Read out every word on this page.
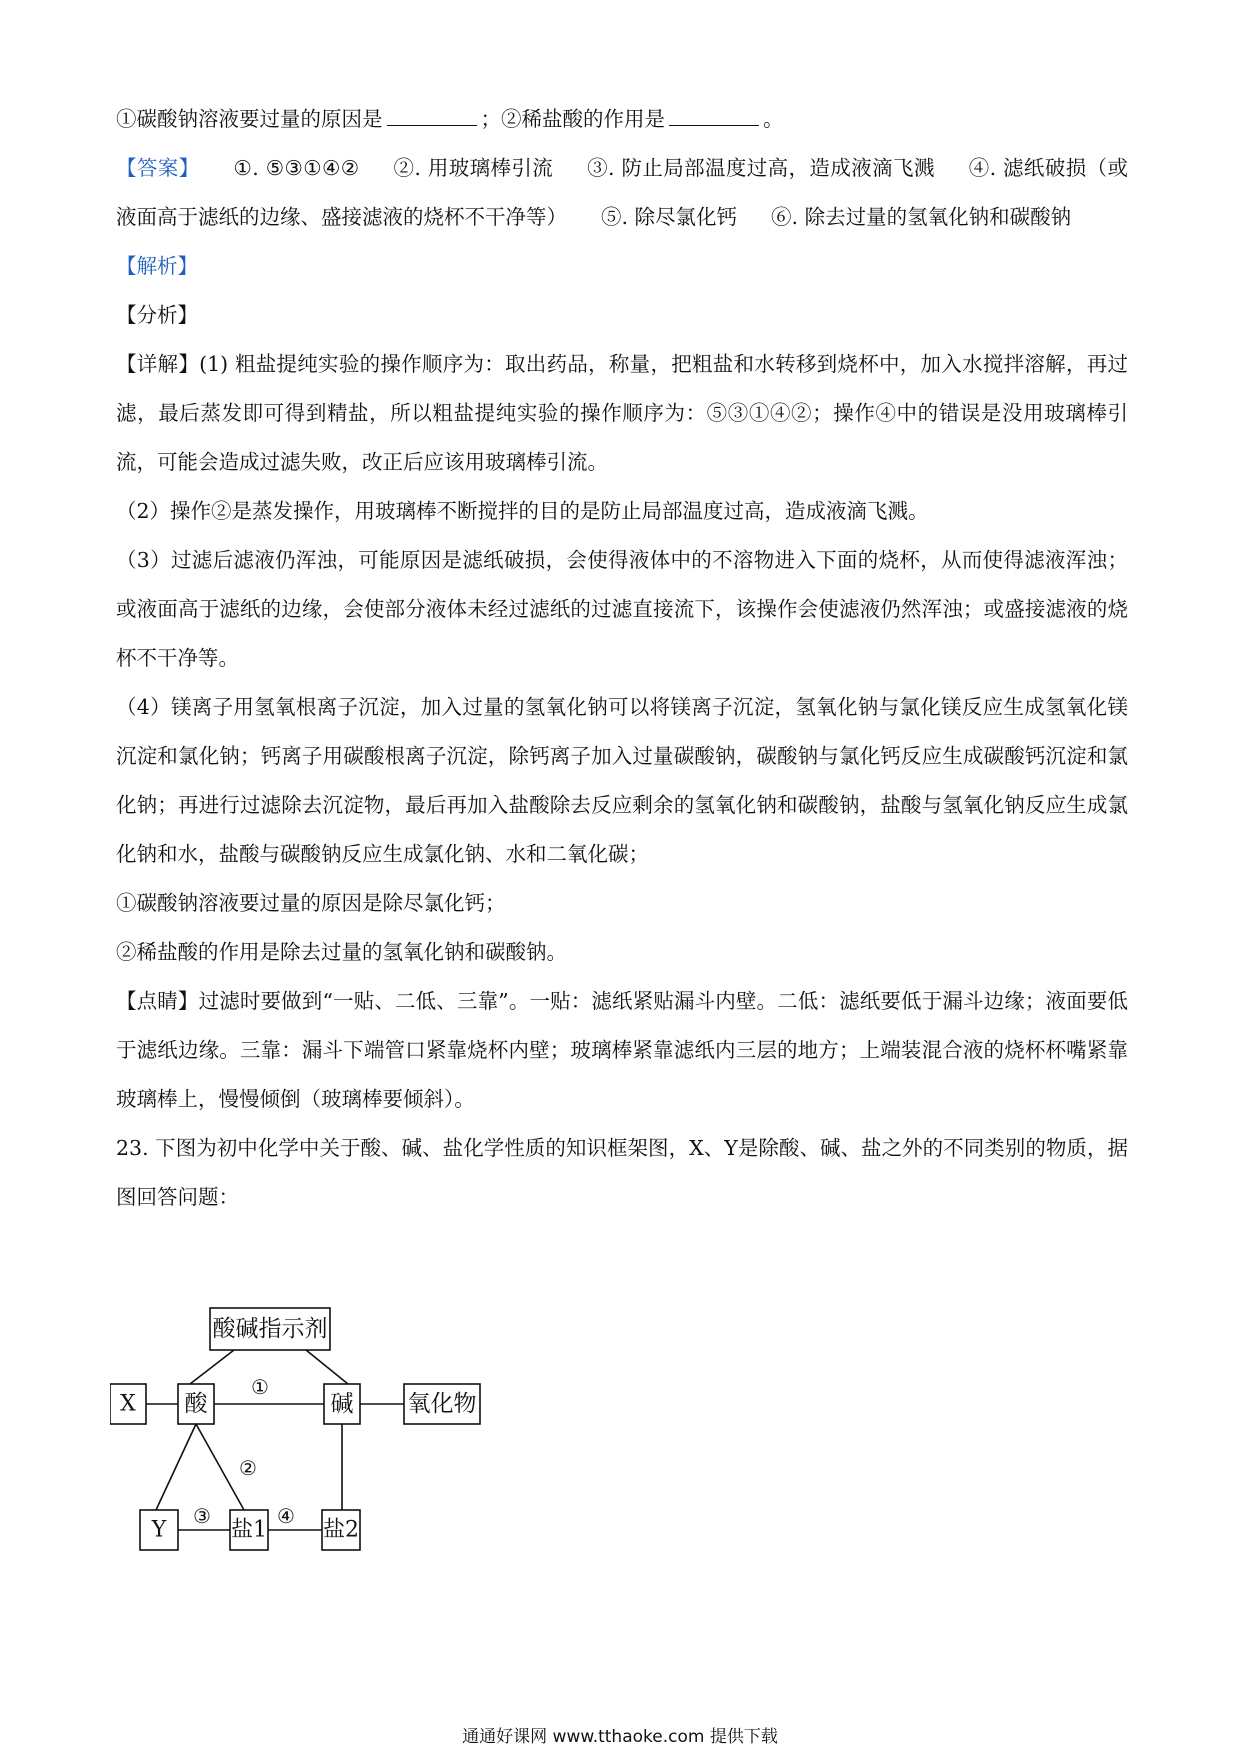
①碳酸钠溶液要过量的原因是	；②稀盐酸的作用是	。

【答案】 ①. ⑤③①④② ②. 用玻璃棒引流 ③. 防止局部温度过高，造成液滴飞溅 ④. 滤纸破损（或液面高于滤纸的边缘、盛接滤液的烧杯不干净等） ⑤. 除尽氯化钙 ⑥. 除去过量的氢氧化钠和碳酸钠

【解析】

【分析】

【详解】(1) 粗盐提纯实验的操作顺序为：取出药品，称量，把粗盐和水转移到烧杯中，加入水搅拌溶解，再过滤，最后蒸发即可得到精盐，所以粗盐提纯实验的操作顺序为：⑤③①④②；操作④中的错误是没用玻璃棒引流，可能会造成过滤失败，改正后应该用玻璃棒引流。

（2）操作②是蒸发操作，用玻璃棒不断搅拌的目的是防止局部温度过高，造成液滴飞溅。

（3）过滤后滤液仍浑浊，可能原因是滤纸破损，会使得液体中的不溶物进入下面的烧杯，从而使得滤液浑浊；或液面高于滤纸的边缘，会使部分液体未经过滤纸的过滤直接流下，该操作会使滤液仍然浑浊；或盛接滤液的烧杯不干净等。

（4）镁离子用氢氧根离子沉淀，加入过量的氢氧化钠可以将镁离子沉淀，氢氧化钠与氯化镁反应生成氢氧化镁沉淀和氯化钠；钙离子用碳酸根离子沉淀，除钙离子加入过量碳酸钠，碳酸钠与氯化钙反应生成碳酸钙沉淀和氯化钠；再进行过滤除去沉淀物，最后再加入盐酸除去反应剩余的氢氧化钠和碳酸钠，盐酸与氢氧化钠反应生成氯化钠和水，盐酸与碳酸钠反应生成氯化钠、水和二氧化碳；

①碳酸钠溶液要过量的原因是除尽氯化钙；

②稀盐酸的作用是除去过量的氢氧化钠和碳酸钠。

【点睛】过滤时要做到“一贴、二低、三靠”。一贴：滤纸紧贴漏斗内壁。二低：滤纸要低于漏斗边缘；液面要低于滤纸边缘。三靠：漏斗下端管口紧靠烧杯内壁；玻璃棒紧靠滤纸内三层的地方；上端装混合液的烧杯杯嘴紧靠玻璃棒上，慢慢倾倒（玻璃棒要倾斜）。

23. 下图为初中化学中关于酸、碱、盐化学性质的知识框架图，X、Y是除酸、碱、盐之外的不同类别的物质，据图回答问题：

酸碱指示剂
X 酸	碱 氧化物
Y	盐1	盐2
①
②
③	④
通通好课网 www.tthaoke.com 提供下载
